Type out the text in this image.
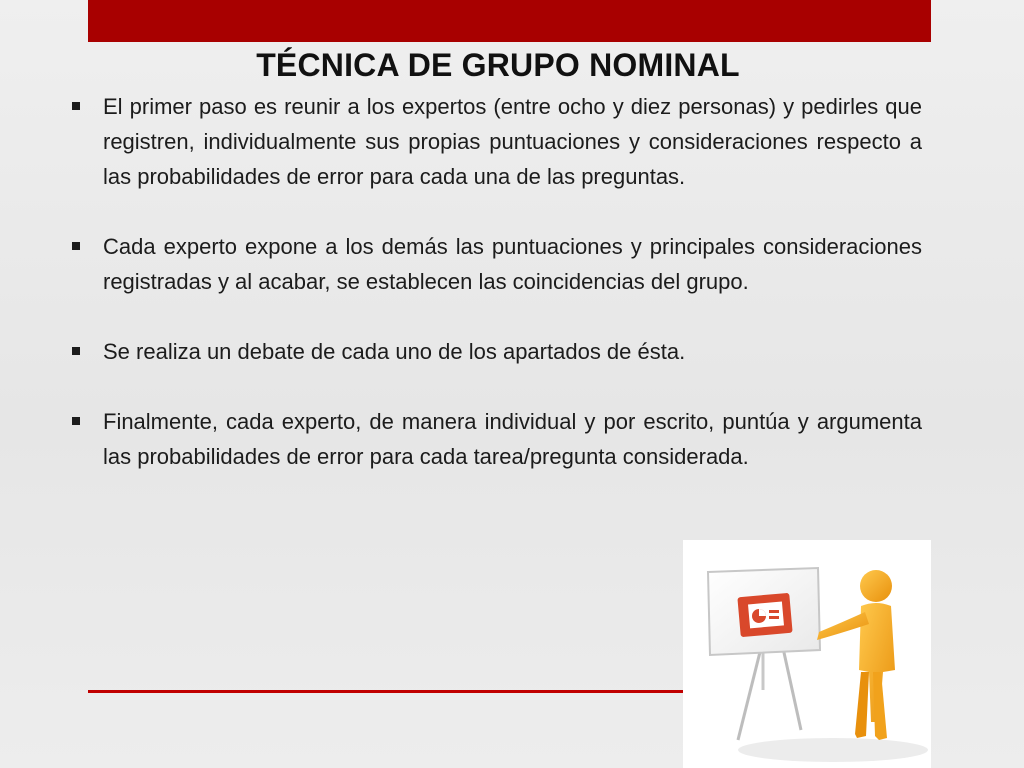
TÉCNICA DE GRUPO NOMINAL
El primer paso es reunir a los expertos (entre ocho y diez personas) y pedirles que registren, individualmente sus propias puntuaciones y consideraciones respecto a las probabilidades de error para cada una de las preguntas.
Cada experto expone a los demás las puntuaciones y principales consideraciones registradas y al acabar, se establecen las coincidencias del grupo.
Se realiza un debate de cada uno de los apartados de ésta.
Finalmente, cada experto, de manera individual y por escrito, puntúa y argumenta las probabilidades de error para cada tarea/pregunta considerada.
